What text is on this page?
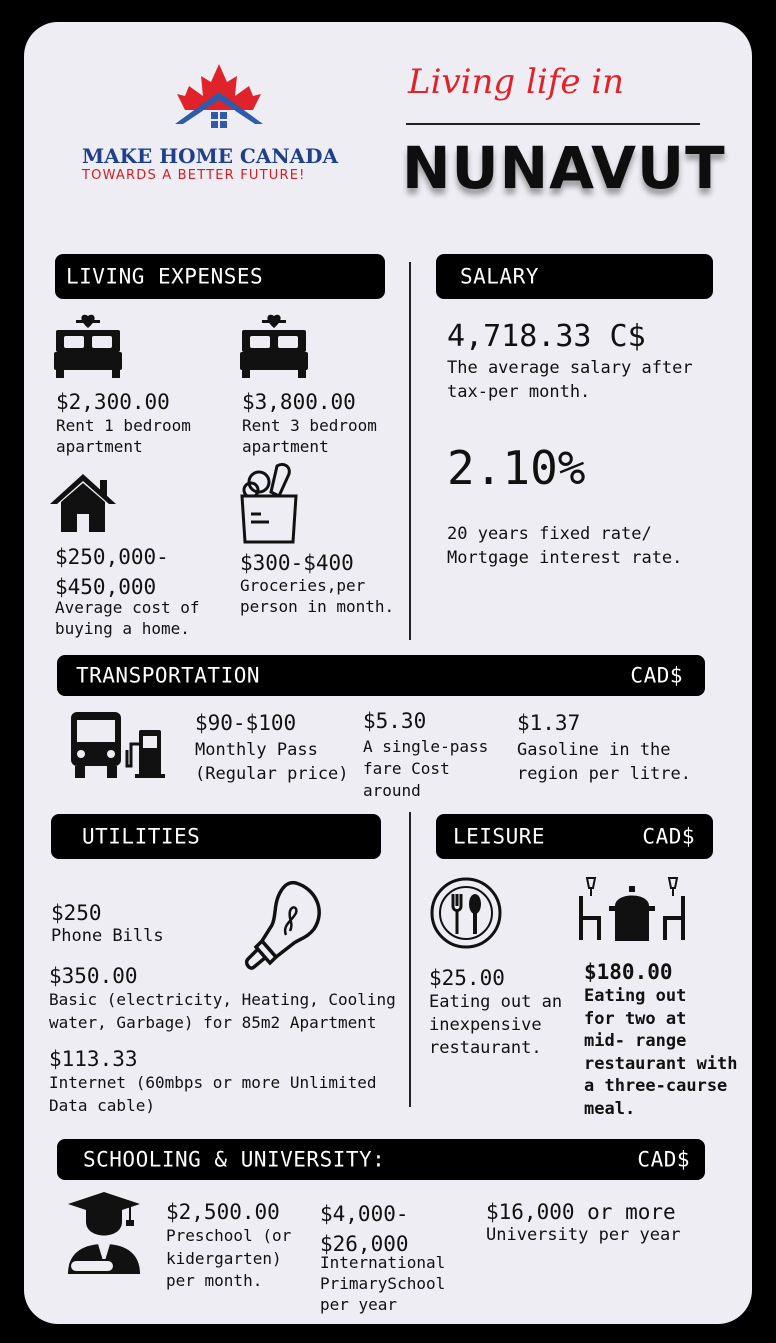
MAKE HOME CANADA
TOWARDS A BETTER FUTURE!
Living life in
NUNAVUT
LIVING EXPENSES
$2,300.00
Rent 1 bedroom
apartment
$3,800.00
Rent 3 bedroom
apartment
$250,000-
$450,000
Average cost of
buying a home.
$300-$400
Groceries,per
person in month.
SALARY
4,718.33 C$
The average salary after
tax-per month.
2.10%
20 years fixed rate/
Mortgage interest rate.
TRANSPORTATION	CAD$
$90-$100
Monthly Pass
(Regular price)
$5.30
A single-pass
fare Cost
around
$1.37
Gasoline in the
region per litre.
UTILITIES
$250
Phone Bills
$350.00
Basic (electricity, Heating, Cooling
water, Garbage) for 85m2 Apartment
$113.33
Internet (60mbps or more Unlimited
Data cable)
LEISURE	CAD$
$25.00
Eating out an
inexpensive
restaurant.
$180.00
Eating out
for two at
mid- range
restaurant with
a three-caurse
meal.
SCHOOLING & UNIVERSITY:	CAD$
$2,500.00
Preschool (or
kidergarten)
per month.
$4,000-
$26,000
International
PrimarySchool
per year
$16,000 or more
University per year
